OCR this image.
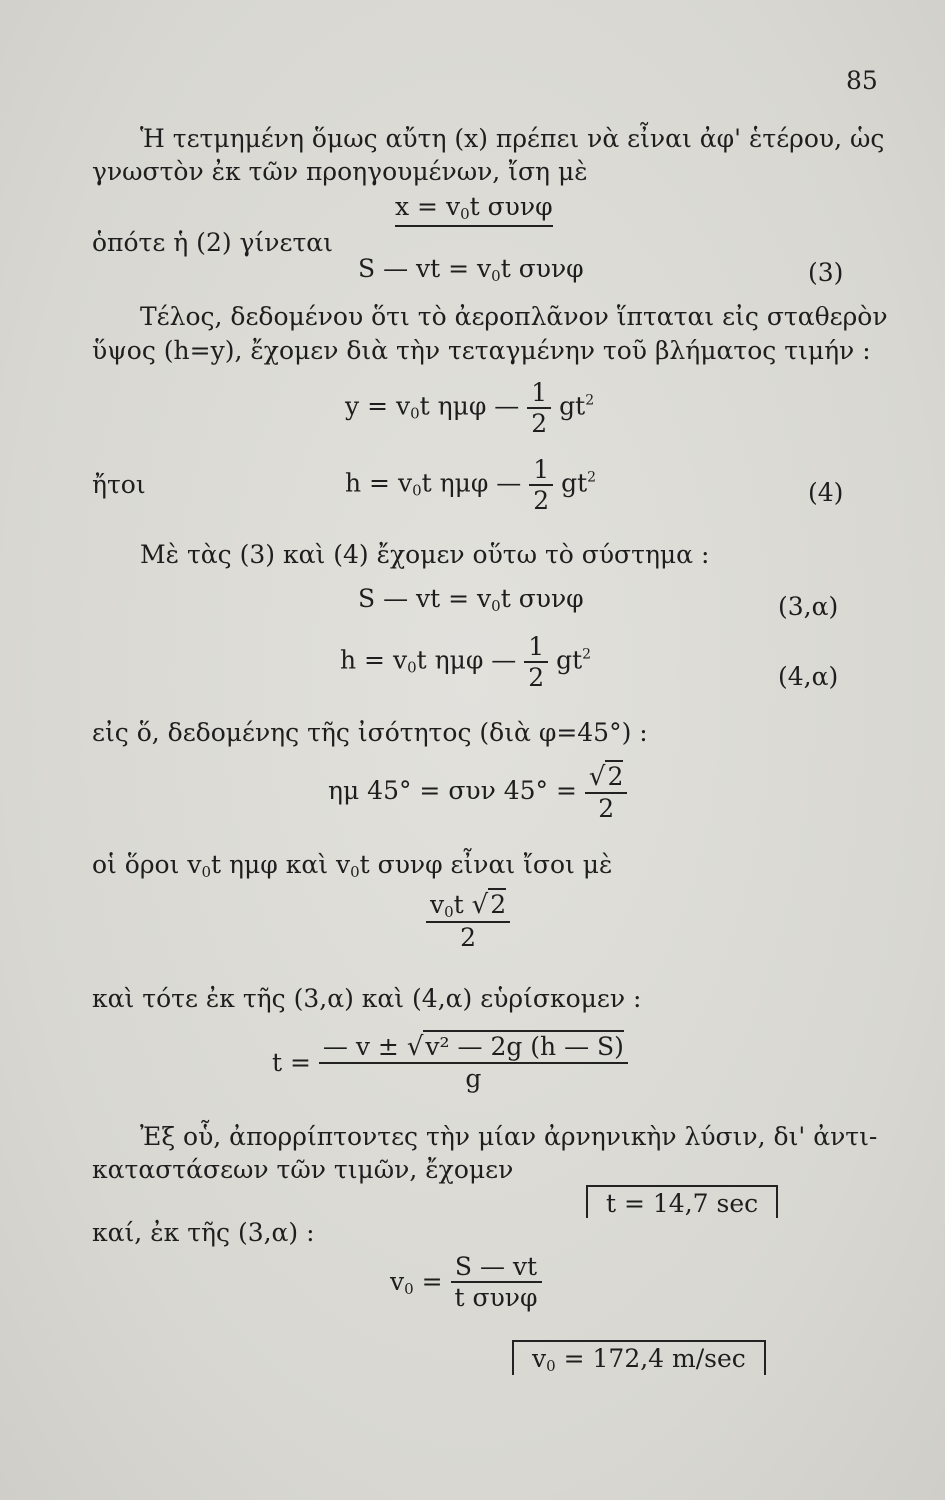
85
Ἡ τετμημένη ὅμως αὔτη (x) πρέπει νὰ εἶναι ἀφ' ἑτέρου, ὡς
γνωστὸν ἐκ τῶν προηγουμένων, ἴση μὲ
$x = v_0t$ συνφ
ὁπότε ἡ (2) γίνεται
S — vt = $v_0t$ συνφ	(3)
Τέλος, δεδομένου ὅτι τὸ ἀεροπλᾶνον ἵπταται εἰς σταθερὸν
ὕψος (h=y), ἔχομεν διὰ τὴν τεταγμένην τοῦ βλήματος τιμήν :
$y = v_0t$ ημφ — $\frac{1}{2} gt^2$
ἤτοι	$h = v_0t$ ημφ — $\frac{1}{2} gt^2$
(4)
Μὲ τὰς (3) καὶ (4) ἔχομεν οὕτω τὸ σύστημα :
S — vt = $v_0t$ συνφ	(3,α)
$h = v_0t$ ημφ — $\frac{1}{2} gt^2$
(4,α)
εἰς ὅ, δεδομένης τῆς ἰσότητος (διὰ φ=45°) :
ημ 45° = συν $45^\circ = \frac{√2}{2}$
οἱ ὅροι $v_0t$ ημφ καὶ $v_0t$ συνφ εἶναι ἴσοι μὲ
$\frac{v_0t √2}{2}$
καὶ τότε ἐκ τῆς (3,α) καὶ (4,α) εὑρίσκομεν :
$t = \frac{\text{— v ± √v² — 2g (h — S)}}{g}$
Ἐξ οὗ, ἀπορρίπτοντες τὴν μίαν ἀρνηνικὴν λύσιν, δι' ἀντι-
καταστάσεων τῶν τιμῶν, ἔχομεν
t = 14,7 sec
καί, ἐκ τῆς (3,α) :
$v_0 = \frac{S — vt}{\text{t συνφ}}$
$v_0 = 172,4$ m/sec
